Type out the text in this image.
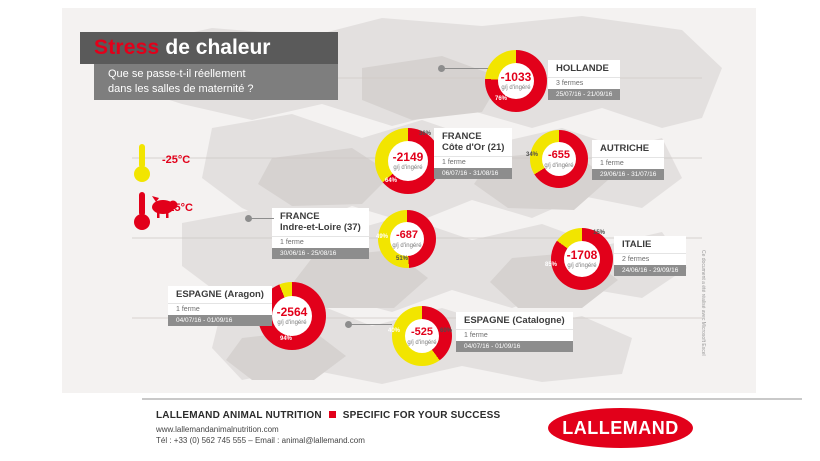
Stress de chaleur
Que se passe-t-il réellement
dans les salles de maternité ?
-25°C
+25°C
-1033
g/j d'ingéré
76%
HOLLANDE
3 fermes
25/07/16 - 21/09/16
-2149
g/j d'ingéré
36%
64%
FRANCE
Côte d'Or (21)
1 ferme
06/07/16 - 31/08/16
-655
g/j d'ingéré
34%
AUTRICHE
1 ferme
29/06/16 - 31/07/16
-687
g/j d'ingéré
49%
51%
FRANCE
Indre-et-Loire (37)
1 ferme
30/06/16 - 25/08/16	-1708
g/j d'ingéré
15%
85%
ITALIE
2 fermes
24/06/16 - 29/09/16
-2564
g/j d'ingéré
94%
ESPAGNE (Aragon)
1 ferme
04/07/16 - 01/09/16
-525
g/j d'ingéré
40%	60%
ESPAGNE (Catalogne)
1 ferme
04/07/16 - 01/09/16
LALLEMAND ANIMAL NUTRITION SPECIFIC FOR YOUR SUCCESS
www.lallemandanimalnutrition.com
Tél : +33 (0) 562 745 555 – Email : animal@lallemand.com
LALLEMAND
®
